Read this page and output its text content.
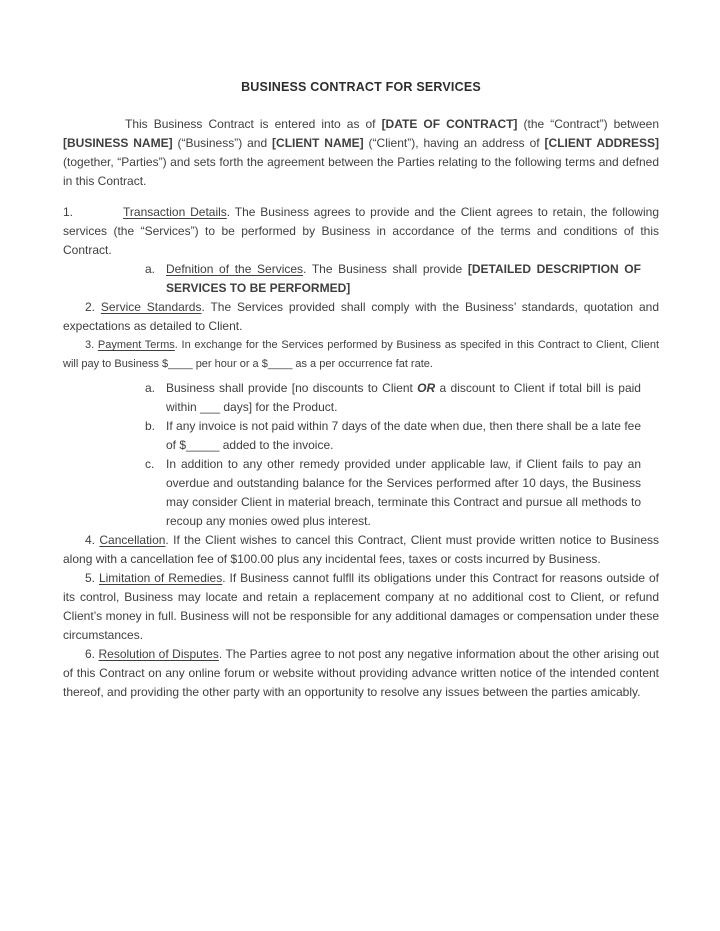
BUSINESS CONTRACT FOR SERVICES

This Business Contract is entered into as of [DATE OF CONTRACT] (the “Contract”) between [BUSINESS NAME] (“Business”) and [CLIENT NAME] (“Client”), having an address of [CLIENT ADDRESS] (together, “Parties”) and sets forth the agreement between the Parties relating to the following terms and defned in this Contract.

1.	Transaction Details. The Business agrees to provide and the Client agrees to retain, the following services (the “Services”) to be performed by Business in accordance of the terms and conditions of this Contract.

a. Defnition of the Services. The Business shall provide [DETAILED DESCRIPTION OF SERVICES TO BE PERFORMED]

2. Service Standards. The Services provided shall comply with the Business’ standards, quotation and expectations as detailed to Client.

3. Payment Terms. In exchange for the Services performed by Business as specifed in this Contract to Client, Client will pay to Business $____ per hour or a $____ as a per occurrence fat rate.

a. Business shall provide [no discounts to Client OR a discount to Client if total bill is paid within ___ days] for the Product.
b. If any invoice is not paid within 7 days of the date when due, then there shall be a late fee of $_____ added to the invoice.
c. In addition to any other remedy provided under applicable law, if Client fails to pay an overdue and outstanding balance for the Services performed after 10 days, the Business may consider Client in material breach, terminate this Contract and pursue all methods to recoup any monies owed plus interest.

4. Cancellation. If the Client wishes to cancel this Contract, Client must provide written notice to Business along with a cancellation fee of $100.00 plus any incidental fees, taxes or costs incurred by Business.

5. Limitation of Remedies. If Business cannot fulfll its obligations under this Contract for reasons outside of its control, Business may locate and retain a replacement company at no additional cost to Client, or refund Client’s money in full. Business will not be responsible for any additional damages or compensation under these circumstances.

6. Resolution of Disputes. The Parties agree to not post any negative information about the other arising out of this Contract on any online forum or website without providing advance written notice of the intended content thereof, and providing the other party with an opportunity to resolve any issues between the parties amicably.
